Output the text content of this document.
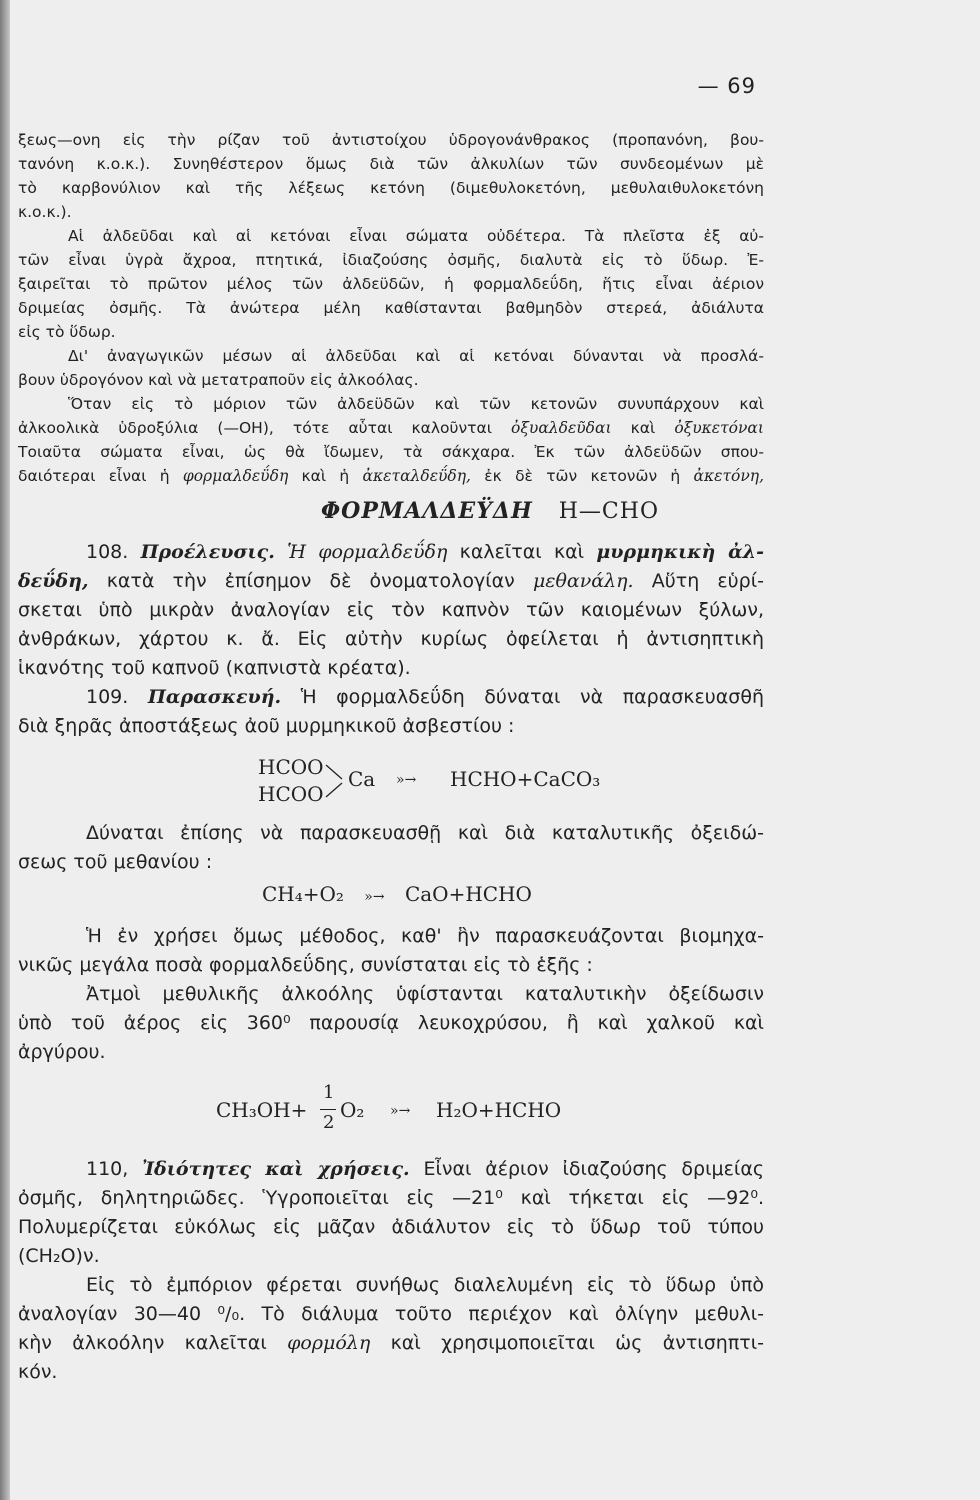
— 69
ξεως—ονη εἰς τὴν ρίζαν τοῦ ἀντιστοίχου ὑδρογονάνθρακος (προπανόνη, βου-
τανόνη κ.ο.κ.). Συνηθέστερον ὅμως διὰ τῶν ἀλκυλίων τῶν συνδεομένων μὲ
τὸ καρβονύλιον καὶ τῆς λέξεως κετόνη (διμεθυλοκετόνη, μεθυλαιθυλοκετόνη
κ.ο.κ.).
Αἱ ἀλδεῦδαι καὶ αἱ κετόναι εἶναι σώματα οὐδέτερα. Τὰ πλεῖστα ἐξ αὐ-
τῶν εἶναι ὑγρὰ ἄχροα, πτητικά, ἰδιαζούσης ὀσμῆς, διαλυτὰ εἰς τὸ ὕδωρ. Ἐ-
ξαιρεῖται τὸ πρῶτον μέλος τῶν ἀλδεϋδῶν, ἡ φορμαλδεΰδη, ἥτις εἶναι ἀέριον
δριμείας ὀσμῆς. Τὰ ἀνώτερα μέλη καθίστανται βαθμηδὸν στερεά, ἀδιάλυτα
εἰς τὸ ὕδωρ.
Δι' ἀναγωγικῶν μέσων αἱ ἀλδεῦδαι καὶ αἱ κετόναι δύνανται νὰ προσλά-
βουν ὑδρογόνον καὶ νὰ μετατραποῦν εἰς ἀλκοόλας.
Ὅταν εἰς τὸ μόριον τῶν ἀλδεϋδῶν καὶ τῶν κετονῶν συνυπάρχουν καὶ
ἀλκοολικὰ ὑδροξύλια (—OH), τότε αὗται καλοῦνται ὀξυαλδεῦδαι καὶ ὀξυκετόναι
Τοιαῦτα σώματα εἶναι, ὡς θὰ ἴδωμεν, τὰ σάκχαρα. Ἐκ τῶν ἀλδεϋδῶν σπου-
δαιότεραι εἶναι ἡ φορμαλδεΰδη καὶ ἡ ἀκεταλδεΰδη, ἐκ δὲ τῶν κετονῶν ἡ ἀκετόνη,
ΦΟΡΜΑΛΔΕΫΔΗ H—CHO
108. Προέλευσις. Ἡ φορμαλδεΰδη καλεῖται καὶ μυρμηκικὴ ἀλ-
δεΰδη, κατὰ τὴν ἐπίσημον δὲ ὀνοματολογίαν μεθανάλη. Αὕτη εὑρί-
σκεται ὑπὸ μικρὰν ἀναλογίαν εἰς τὸν καπνὸν τῶν καιομένων ξύλων,
ἀνθράκων, χάρτου κ. ἄ. Εἰς αὐτὴν κυρίως ὀφείλεται ἡ ἀντισηπτικὴ
ἱκανότης τοῦ καπνοῦ (καπνιστὰ κρέατα).
109. Παρασκευή. Ἡ φορμαλδεΰδη δύναται νὰ παρασκευασθῆ
διὰ ξηρᾶς ἀποστάξεως ἀοῦ μυρμηκικοῦ ἀσβεστίου :
Δύναται ἐπίσης νὰ παρασκευασθῇ καὶ διὰ καταλυτικῆς ὀξειδώ-
σεως τοῦ μεθανίου :
Ἡ ἐν χρήσει ὅμως μέθοδος, καθ' ἣν παρασκευάζονται βιομηχα-
νικῶς μεγάλα ποσὰ φορμαλδεΰδης, συνίσταται εἰς τὸ ἑξῆς :
Ἀτμοὶ μεθυλικῆς ἀλκοόλης ὑφίστανται καταλυτικὴν ὀξείδωσιν
ὑπὸ τοῦ ἀέρος εἰς 360⁰ παρουσίᾳ λευκοχρύσου, ἢ καὶ χαλκοῦ καὶ
ἀργύρου.
110, Ἰδιότητες καὶ χρήσεις. Εἶναι ἀέριον ἰδιαζούσης δριμείας
ὀσμῆς, δηλητηριῶδες. Ὑγροποιεῖται εἰς —21⁰ καὶ τήκεται εἰς —92⁰.
Πολυμερίζεται εὐκόλως εἰς μᾶζαν ἀδιάλυτον εἰς τὸ ὕδωρ τοῦ τύπου
(CH₂O)ν.
Εἰς τὸ ἐμπόριον φέρεται συνήθως διαλελυμένη εἰς τὸ ὕδωρ ὑπὸ
ἀναλογίαν 30—40 ⁰/₀. Τὸ διάλυμα τοῦτο περιέχον καὶ ὀλίγην μεθυλι-
κὴν ἀλκοόλην καλεῖται φορμόλη καὶ χρησιμοποιεῖται ὡς ἀντισηπτι-
κόν.
HCOO
HCOO
Ca	»→	HCHO+CaCO₃
CH₄+O₂ »→ CaO+HCHO
CH₃OH+
1
2
O₂	»→	H₂O+HCHO
